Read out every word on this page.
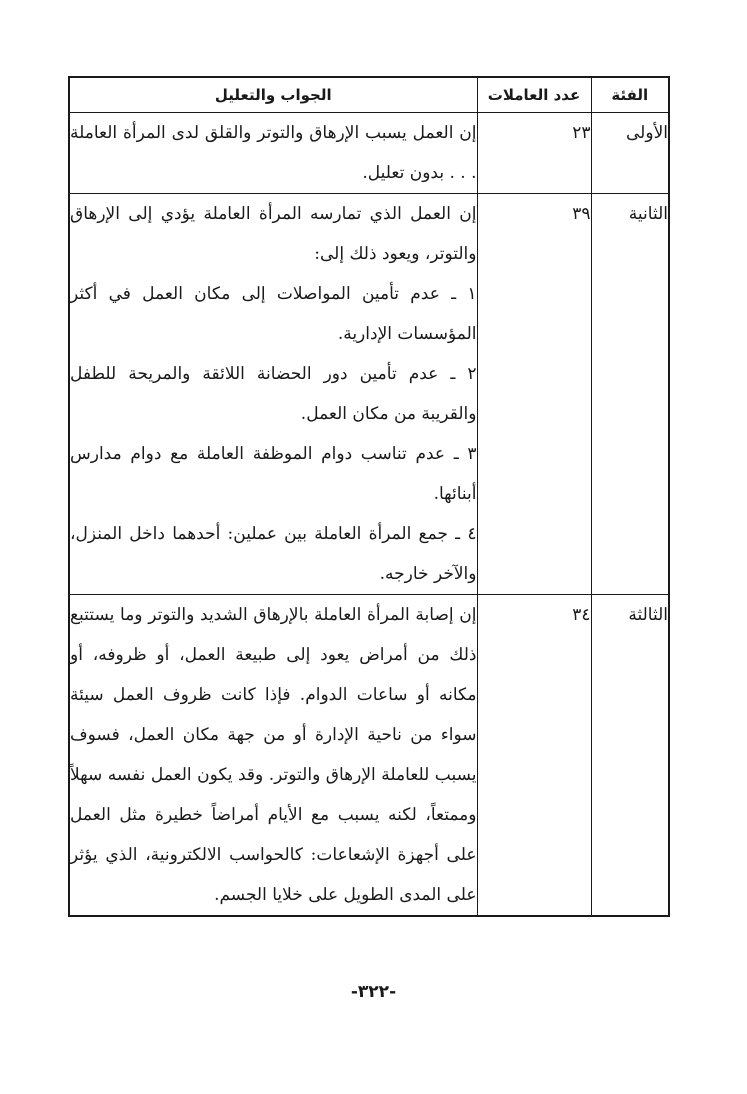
الفئة	عدد العاملات	الجواب والتعليل
الأولى	٢٣	إن العمل يسبب الإرهاق والتوتر والقلق لدى المرأة العاملة . . . بدون تعليل.

الثانية	٣٩	إن العمل الذي تمارسه المرأة العاملة يؤدي إلى الإرهاق والتوتر، ويعود ذلك إلى:
١ ـ عدم تأمين المواصلات إلى مكان العمل في أكثر المؤسسات الإدارية.
٢ ـ عدم تأمين دور الحضانة اللائقة والمريحة للطفل والقريبة من مكان العمل.
٣ ـ عدم تناسب دوام الموظفة العاملة مع دوام مدارس أبنائها.
٤ ـ جمع المرأة العاملة بين عملين: أحدهما داخل المنزل، والآخر خارجه.

الثالثة	٣٤	إن إصابة المرأة العاملة بالإرهاق الشديد والتوتر وما يستتبع ذلك من أمراض يعود إلى طبيعة العمل، أو ظروفه، أو مكانه أو ساعات الدوام. فإذا كانت ظروف العمل سيئة سواء من ناحية الإدارة أو من جهة مكان العمل، فسوف يسبب للعاملة الإرهاق والتوتر. وقد يكون العمل نفسه سهلاً وممتعاً، لكنه يسبب مع الأيام أمراضاً خطيرة مثل العمل على أجهزة الإشعاعات: كالحواسب الالكترونية، الذي يؤثر على المدى الطويل على خلايا الجسم.
-٣٢٢-
